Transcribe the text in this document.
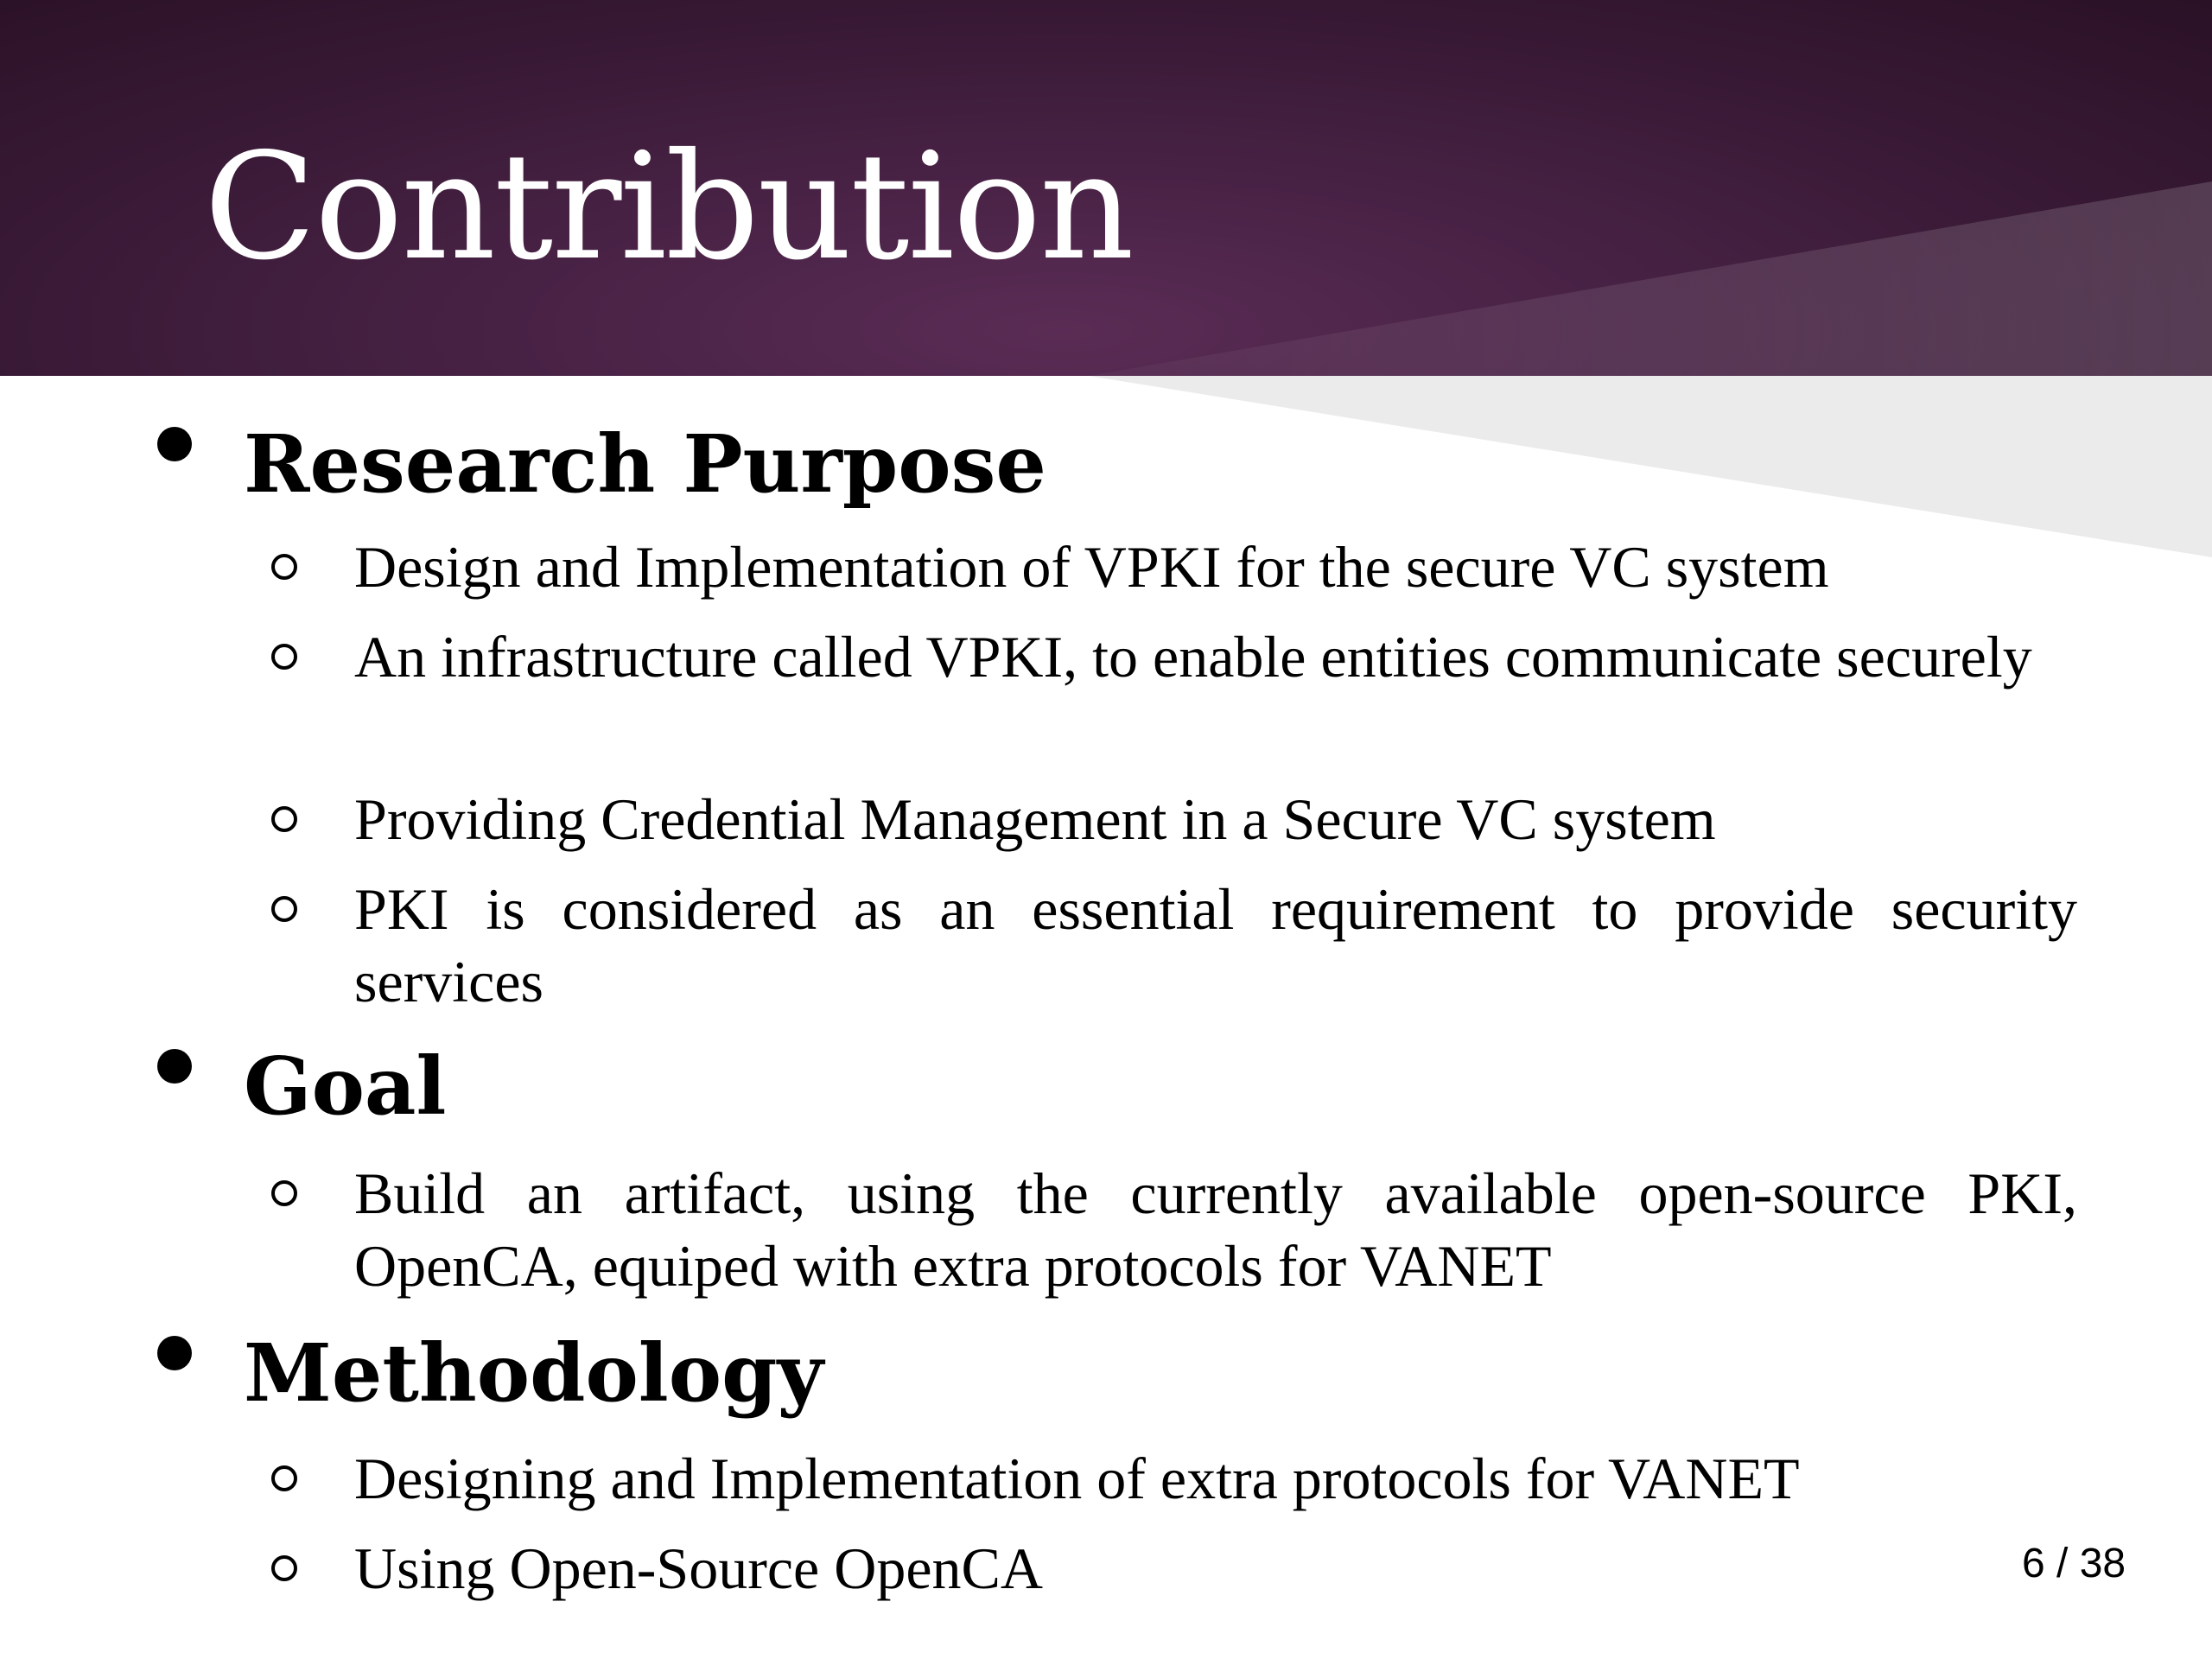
Contribution
Research Purpose
Design and Implementation of VPKI for the secure VC system
An infrastructure called VPKI, to enable entities communicate securely
Providing Credential Management in a Secure VC system
PKI is considered as an essential requirement to provide security services
Goal
Build an artifact, using the currently available open-source PKI, OpenCA, equiped with extra protocols for VANET
Methodology
Designing and Implementation of extra protocols for VANET
Using Open-Source OpenCA	6 / 38
